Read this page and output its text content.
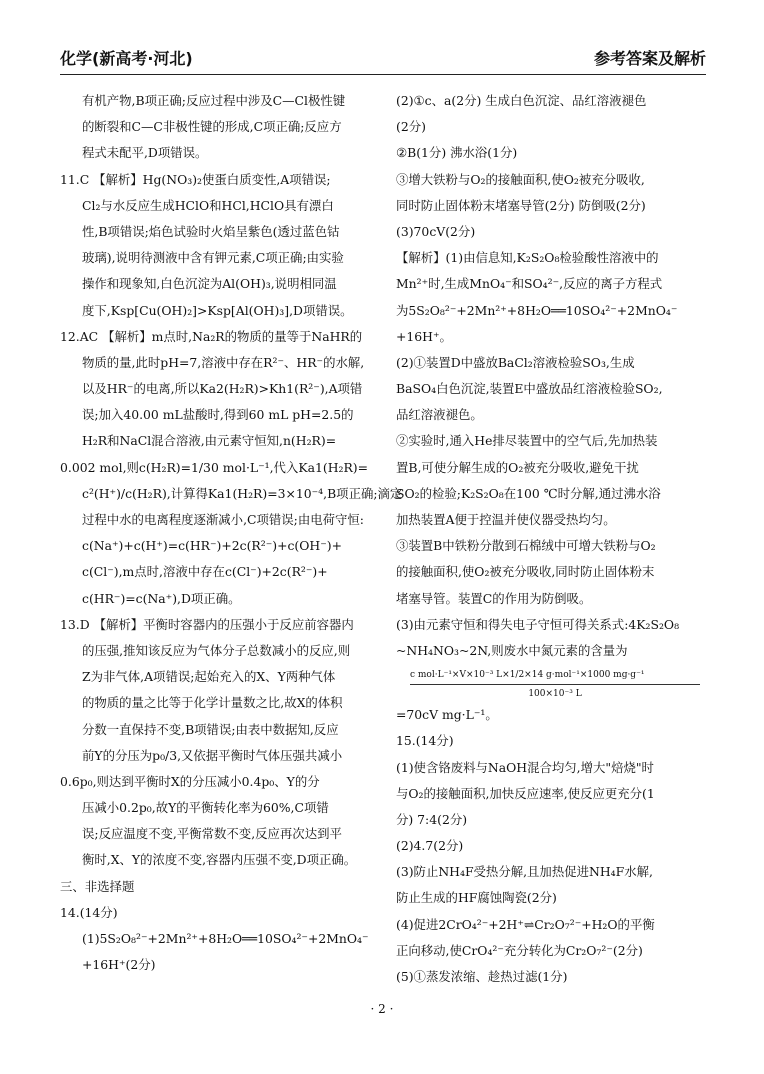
化学(新高考·河北)	参考答案及解析
有机产物,B项正确;反应过程中涉及C—Cl极性键
的断裂和C—C非极性键的形成,C项正确;反应方
程式未配平,D项错误。
11.C 【解析】Hg(NO₃)₂使蛋白质变性,A项错误;
Cl₂与水反应生成HClO和HCl,HClO具有漂白
性,B项错误;焰色试验时火焰呈紫色(透过蓝色钴
玻璃),说明待测液中含有钾元素,C项正确;由实验
操作和现象知,白色沉淀为Al(OH)₃,说明相同温
度下,Ksp[Cu(OH)₂]>Ksp[Al(OH)₃],D项错误。
12.AC 【解析】m点时,Na₂R的物质的量等于NaHR的
物质的量,此时pH=7,溶液中存在R²⁻、HR⁻的水解,
以及HR⁻的电离,所以Ka2(H₂R)>Kh1(R²⁻),A项错
误;加入40.00 mL盐酸时,得到60 mL pH=2.5的
H₂R和NaCl混合溶液,由元素守恒知,n(H₂R)=
0.002 mol,则c(H₂R)=1/30 mol·L⁻¹,代入Ka1(H₂R)=
c²(H⁺)/c(H₂R),计算得Ka1(H₂R)=3×10⁻⁴,B项正确;滴定
过程中水的电离程度逐渐减小,C项错误;由电荷守恒:
c(Na⁺)+c(H⁺)=c(HR⁻)+2c(R²⁻)+c(OH⁻)+
c(Cl⁻),m点时,溶液中存在c(Cl⁻)+2c(R²⁻)+
c(HR⁻)=c(Na⁺),D项正确。
13.D 【解析】平衡时容器内的压强小于反应前容器内
的压强,推知该反应为气体分子总数减小的反应,则
Z为非气体,A项错误;起始充入的X、Y两种气体
的物质的量之比等于化学计量数之比,故X的体积
分数一直保持不变,B项错误;由表中数据知,反应
前Y的分压为p₀/3,又依据平衡时气体压强共减小
0.6p₀,则达到平衡时X的分压减小0.4p₀、Y的分
压减小0.2p₀,故Y的平衡转化率为60%,C项错
误;反应温度不变,平衡常数不变,反应再次达到平
衡时,X、Y的浓度不变,容器内压强不变,D项正确。
三、非选择题
14.(14分)
(1)5S₂O₈²⁻+2Mn²⁺+8H₂O══10SO₄²⁻+2MnO₄⁻
+16H⁺(2分)
(2)①c、a(2分) 生成白色沉淀、品红溶液褪色
(2分)
②B(1分) 沸水浴(1分)
③增大铁粉与O₂的接触面积,使O₂被充分吸收,
同时防止固体粉末堵塞导管(2分) 防倒吸(2分)
(3)70cV(2分)
【解析】(1)由信息知,K₂S₂O₈检验酸性溶液中的
Mn²⁺时,生成MnO₄⁻和SO₄²⁻,反应的离子方程式
为5S₂O₈²⁻+2Mn²⁺+8H₂O══10SO₄²⁻+2MnO₄⁻
+16H⁺。
(2)①装置D中盛放BaCl₂溶液检验SO₃,生成
BaSO₄白色沉淀,装置E中盛放品红溶液检验SO₂,
品红溶液褪色。
②实验时,通入He排尽装置中的空气后,先加热装
置B,可使分解生成的O₂被充分吸收,避免干扰
SO₂的检验;K₂S₂O₈在100 ℃时分解,通过沸水浴
加热装置A便于控温并使仪器受热均匀。
③装置B中铁粉分散到石棉绒中可增大铁粉与O₂
的接触面积,使O₂被充分吸收,同时防止固体粉末
堵塞导管。装置C的作用为防倒吸。
(3)由元素守恒和得失电子守恒可得关系式:4K₂S₂O₈
~NH₄NO₃~2N,则废水中氮元素的含量为
c mol·L⁻¹×V×10⁻³ L×1/2×14 g·mol⁻¹×1000 mg·g⁻¹
100×10⁻³ L
=70cV mg·L⁻¹。
15.(14分)
(1)使含铬废料与NaOH混合均匀,增大"焙烧"时
与O₂的接触面积,加快反应速率,使反应更充分(1
分) 7:4(2分)
(2)4.7(2分)
(3)防止NH₄F受热分解,且加热促进NH₄F水解,
防止生成的HF腐蚀陶瓷(2分)
(4)促进2CrO₄²⁻+2H⁺⇌Cr₂O₇²⁻+H₂O的平衡
正向移动,使CrO₄²⁻充分转化为Cr₂O₇²⁻(2分)
(5)①蒸发浓缩、趁热过滤(1分)
· 2 ·
